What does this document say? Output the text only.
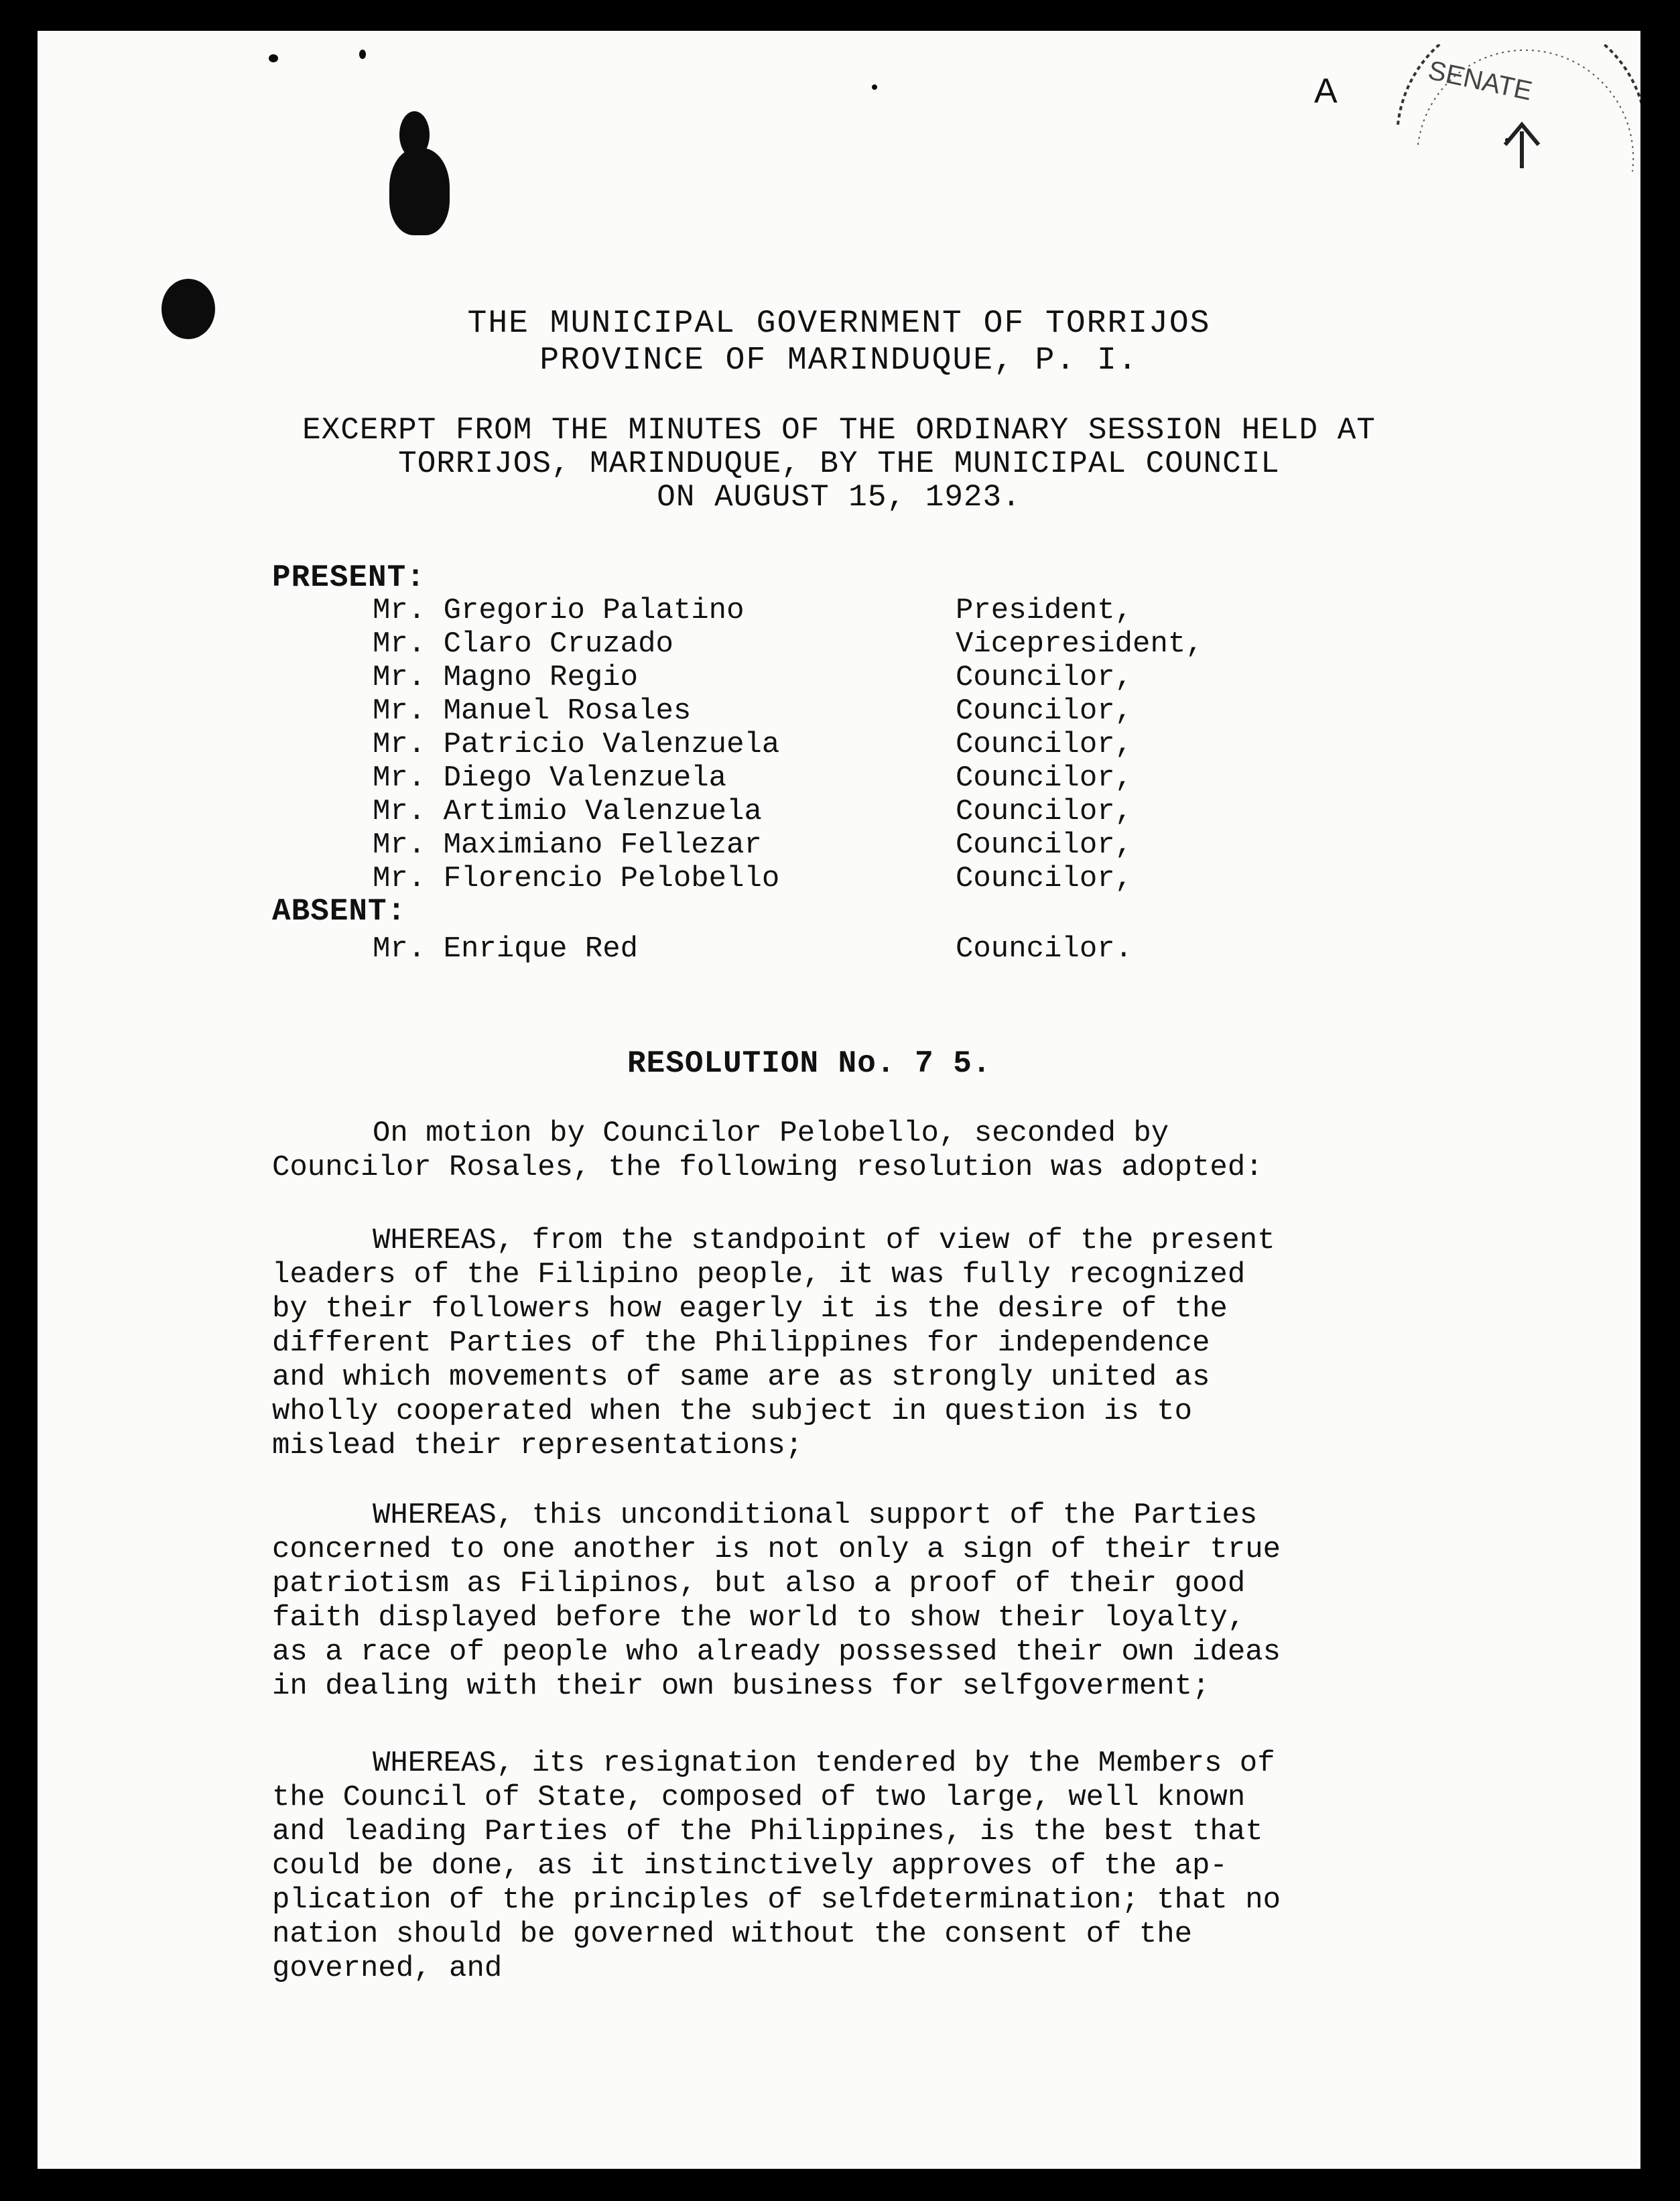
A	SENATE
THE MUNICIPAL GOVERNMENT OF TORRIJOS
PROVINCE OF MARINDUQUE, P. I.
EXCERPT FROM THE MINUTES OF THE ORDINARY SESSION HELD AT
TORRIJOS, MARINDUQUE, BY THE MUNICIPAL COUNCIL
ON AUGUST 15, 1923.
PRESENT:
Mr. Gregorio Palatino	President,
Mr. Claro Cruzado	Vicepresident,
Mr. Magno Regio	Councilor,
Mr. Manuel Rosales	Councilor,
Mr. Patricio Valenzuela	Councilor,
Mr. Diego Valenzuela	Councilor,
Mr. Artimio Valenzuela	Councilor,
Mr. Maximiano Fellezar	Councilor,
Mr. Florencio Pelobello	Councilor,
ABSENT:
Mr. Enrique Red	Councilor.
RESOLUTION No. 7 5.
On motion by Councilor Pelobello, seconded by
Councilor Rosales, the following resolution was adopted:
WHEREAS, from the standpoint of view of the present
leaders of the Filipino people, it was fully recognized
by their followers how eagerly it is the desire of the
different Parties of the Philippines for independence
and which movements of same are as strongly united as
wholly cooperated when the subject in question is to
mislead their representations;
WHEREAS, this unconditional support of the Parties
concerned to one another is not only a sign of their true
patriotism as Filipinos, but also a proof of their good
faith displayed before the world to show their loyalty,
as a race of people who already possessed their own ideas
in dealing with their own business for selfgoverment;
WHEREAS, its resignation tendered by the Members of
the Council of State, composed of two large, well known
and leading Parties of the Philippines, is the best that
could be done, as it instinctively approves of the ap-
plication of the principles of selfdetermination; that no
nation should be governed without the consent of the
governed, and
